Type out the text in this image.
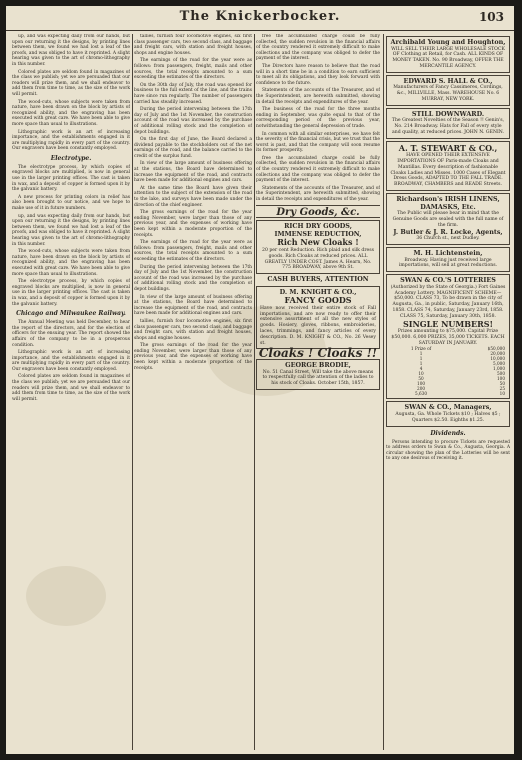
The Knickerbocker.	103

up, and was expecting daily from our hands, but upon our returning it the designs, by printing lines between them, we found we had lost a leaf of the proofs, and was obliged to have it reprinted. A slight hearing was given to the art of chromo-lithography in this number.

Colored plates are seldom found in magazines of the class we publish; yet we are persuaded that our readers will prize them, and we shall endeavor to add them from time to time, as the size of the work will permit.

The wood-cuts, whose subjects were taken from nature, have been drawn on the block by artists of recognized ability, and the engraving has been executed with great care. We have been able to give more space than usual to illustrations.

Lithographic work is an art of increasing importance, and the establishments engaged in it are multiplying rapidly in every part of the country. Our engravers have been constantly employed.

Electrotype.

The electrotype process, by which copies of engraved blocks are multiplied, is now in general use in the larger printing offices. The cast is taken in wax, and a deposit of copper is formed upon it by the galvanic battery.

A new process for printing colors in relief has also been brought to our notice, and we hope to make use of it in future numbers.

up, and was expecting daily from our hands, but upon our returning it the designs, by printing lines between them, we found we had lost a leaf of the proofs, and was obliged to have it reprinted. A slight hearing was given to the art of chromo-lithography in this number.

The wood-cuts, whose subjects were taken from nature, have been drawn on the block by artists of recognized ability, and the engraving has been executed with great care. We have been able to give more space than usual to illustrations.

The electrotype process, by which copies of engraved blocks are multiplied, is now in general use in the larger printing offices. The cast is taken in wax, and a deposit of copper is formed upon it by the galvanic battery.

Chicago and Milwaukee Railway.

The Annual Meeting was held December, to hear the report of the directors, and for the election of officers for the ensuing year. The report showed the affairs of the company to be in a prosperous condition.

Lithographic work is an art of increasing importance, and the establishments engaged in it are multiplying rapidly in every part of the country. Our engravers have been constantly employed.

Colored plates are seldom found in magazines of the class we publish; yet we are persuaded that our readers will prize them, and we shall endeavor to add them from time to time, as the size of the work will permit.

tallies, furnish four locomotive engines, six first class passenger cars, two second class, and baggage and freight cars, with station and freight houses, shops and engine houses.

The earnings of the road for the year were as follows: from passengers, freight, mails and other sources, the total receipts amounted to a sum exceeding the estimates of the directors.

On the 30th day of July, the road was opened for business to the full extent of the line, and the trains have since run regularly. The number of passengers carried has steadily increased.

During the period intervening between the 17th day of July and the 1st November, the construction account of the road was increased by the purchase of additional rolling stock and the completion of depot buildings.

On the first day of June, the Board declared a dividend payable to the stockholders out of the net earnings of the road, and the balance carried to the credit of the surplus fund.

In view of the large amount of business offering at the stations, the Board have determined to increase the equipment of the road, and contracts have been made for additional engines and cars.

At the same time the Board have given their attention to the subject of the extension of the road to the lake, and surveys have been made under the direction of the chief engineer.

The gross earnings of the road for the year ending November, were larger than those of any previous year, and the expenses of working have been kept within a moderate proportion of the receipts.

The earnings of the road for the year were as follows: from passengers, freight, mails and other sources, the total receipts amounted to a sum exceeding the estimates of the directors.

During the period intervening between the 17th day of July and the 1st November, the construction account of the road was increased by the purchase of additional rolling stock and the completion of depot buildings.

In view of the large amount of business offering at the stations, the Board have determined to increase the equipment of the road, and contracts have been made for additional engines and cars.

tallies, furnish four locomotive engines, six first class passenger cars, two second class, and baggage and freight cars, with station and freight houses, shops and engine houses.

The gross earnings of the road for the year ending November, were larger than those of any previous year, and the expenses of working have been kept within a moderate proportion of the receipts.

free the accumulated charge could be fully collected, the sudden revulsion in the financial affairs of the country rendered it extremely difficult to make collections and the company was obliged to defer the payment of the interest.

The Directors have reason to believe that the road will in a short time be in a condition to earn sufficient to meet all its obligations, and they look forward with confidence to the future.

Statements of the accounts of the Treasurer, and of the Superintendent, are herewith submitted, showing in detail the receipts and expenditures of the year.

The business of the road for the three months ending in September, was quite equal to that of the corresponding period of the previous year, notwithstanding the general depression of trade.

In common with all similar enterprises, we have felt the severity of the financial crisis, but we trust that the worst is past, and that the company will soon resume its former prosperity.

free the accumulated charge could be fully collected, the sudden revulsion in the financial affairs of the country rendered it extremely difficult to make collections and the company was obliged to defer the payment of the interest.

Statements of the accounts of the Treasurer, and of the Superintendent, are herewith submitted, showing in detail the receipts and expenditures of the year.

Dry Goods, &c.
RICH DRY GOODS,
IMMENSE REDUCTION,
Rich New Cloaks !
20 per cent Reduction. Rich plaid and silk dress goods. Rich Cloaks at reduced prices. ALL GREATLY UNDER COST. James A. Hearn, No. 775 BROADWAY, above 9th St.
CASH BUYERS, ATTENTION
D. M. KNIGHT & CO.,
FANCY GOODS
Have now received their entire stock of Fall importations, and are now ready to offer their extensive assortment of all the new styles of goods. Hosiery, gloves, ribbons, embroideries, laces, trimmings, and fancy articles of every description. D. M. KNIGHT & CO., No. 26 Vesey st.
Cloaks ! Cloaks !!
GEORGE BRODIE,
No. 51 Canal Street, Will take the above means to respectfully call the attention of the ladies to his stock of Cloaks. October 15th, 1857.
Archibald Young and Houghton,
WILL SELL THEIR LARGE WHOLESALE STOCK OF Clothing at Retail, for Cash. ALL KINDS OF MONEY TAKEN. No. 90 Broadway, OFFER THE MERCANTILE AGENCY.
EDWARD S. HALL & CO.,
Manufacturers of Fancy Cassimeres, Cordings, &c., MILLVILLE, Mass. WAREHOUSE No. 6 MURRAY, NEW YORK.
STILL DOWNWARD.
The Greatest Novelties of the Season !! Genin's, No. 214 Broadway. Hats for Fall of every style and quality, at reduced prices. JOHN N. GENIN.
A. T. STEWART & CO.,
HAVE OPENED THEIR EXTENSIVE IMPORTATIONS OF Paris-made Cloaks and Mantillas. Every description of fashionable Cloaks Ladies and Misses. 1000 Cases of Elegant Dress Goods, ADAPTED TO THE FALL TRADE. BROADWAY, CHAMBERS and READE Streets.
Richardson's IRISH LINENS, DAMASKS, Etc.
The Public will please bear in mind that the Genuine Goods are sealed with the full name of the firm.
J. Butler & J. R. Locke, Agents,
36 Church st., next Dudley.
M. H. Lichtenstein,
Broadway. Having just received large importations, will sell at great reductions.
SWAN & CO.'S LOTTERIES
(Authorized by the State of Georgia.) Fort Gaines Academy Lottery. MAGNIFICENT SCHEME—$50,000. CLASS 73, To be drawn in the city of Augusta, Ga., in public, Saturday, January 16th, 1858. CLASS 74, Saturday, January 23rd, 1858. CLASS 75, Saturday, January 30th, 1858.
SINGLE NUMBERS!
Prizes amounting to $75,000. Capital Prize $50,000. 6,000 PRIZES, 35,000 TICKETS. EACH SATURDAY IN JANUARY.
1 Prize of	$50,000
1	20,000
1	10,000
1	5,000
4	1,000
10	500
50	100
100	50
200	25
5,630	10
SWAN & CO., Managers,
Augusta, Ga. Whole Tickets $10 ; Halves $5 ; Quarters $2.50. Eighths $1.25.
Dividends.

Persons intending to procure Tickets are requested to address orders to Swan & Co., Augusta, Georgia. A circular showing the plan of the Lotteries will be sent to any one desirous of receiving it.
